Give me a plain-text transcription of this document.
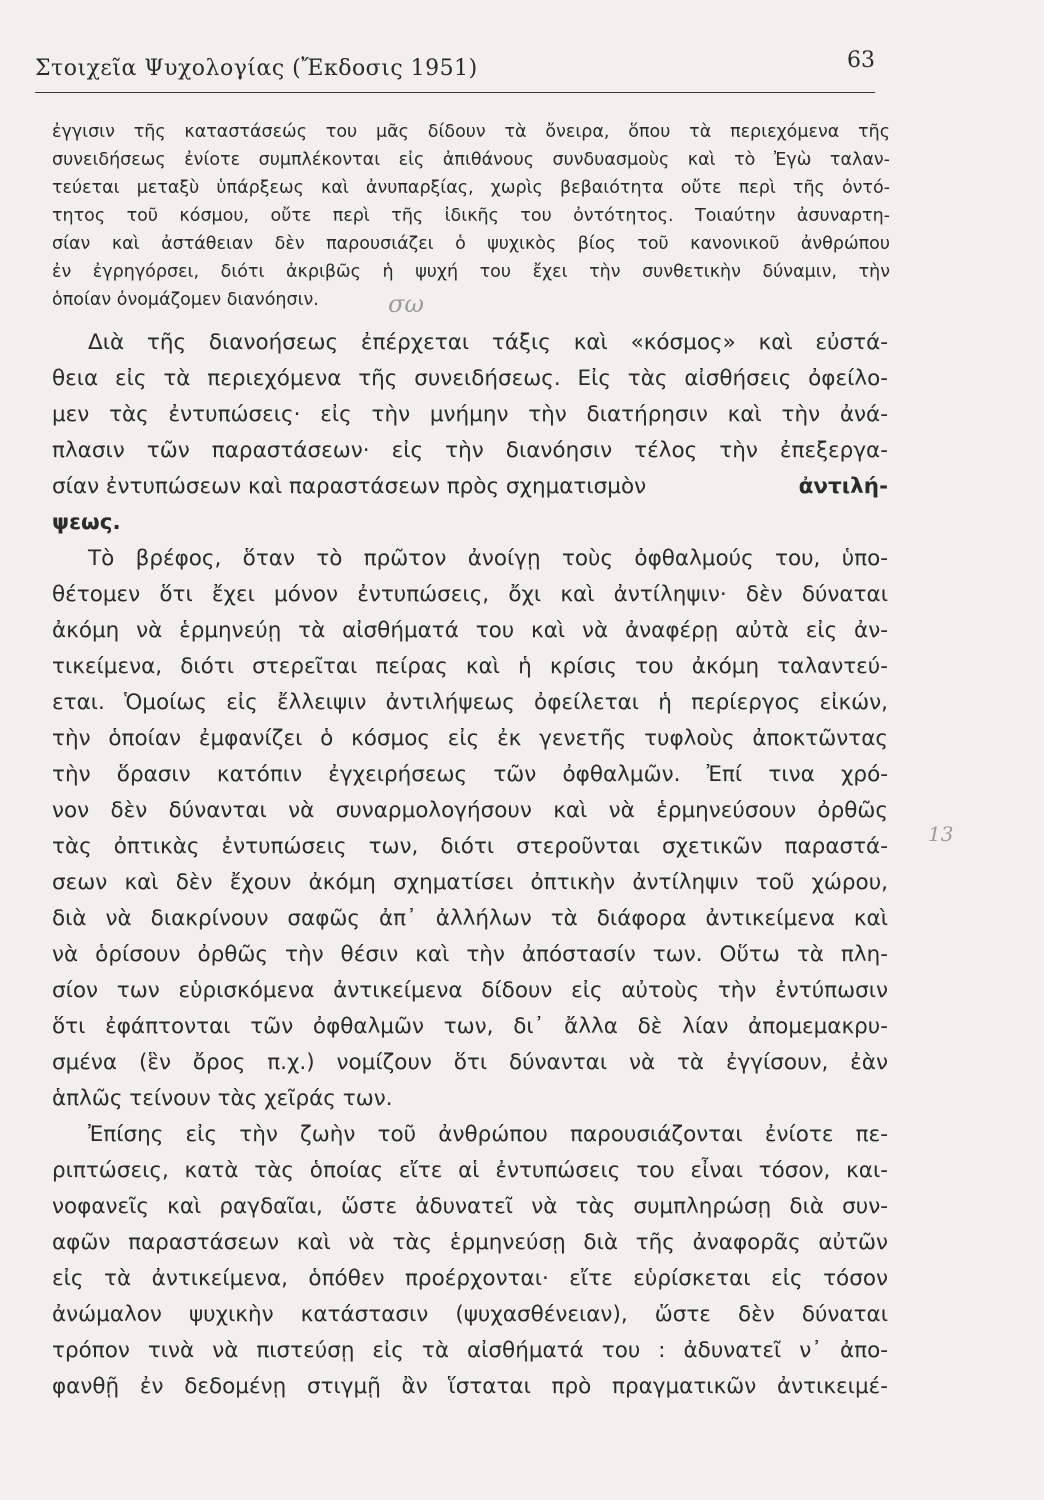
Στοιχεῖα Ψυχολογίας (Ἔκδοσις 1951)	63
ἐγγισιν τῆς καταστάσεώς του μᾶς δίδουν τὰ ὄνειρα, ὅπου τὰ περιεχόμενα τῆς
συνειδήσεως ἐνίοτε συμπλέκονται εἰς ἀπιθάνους συνδυασμοὺς καὶ τὸ Ἐγὼ ταλαν-
τεύεται μεταξὺ ὑπάρξεως καὶ ἀνυπαρξίας, χωρὶς βεβαιότητα οὔτε περὶ τῆς ὀντό-
τητος τοῦ κόσμου, οὔτε περὶ τῆς ἰδικῆς του ὀντότητος. Τοιαύτην ἀσυναρτη-
σίαν καὶ ἀστάθειαν δὲν παρουσιάζει ὁ ψυχικὸς βίος τοῦ κανονικοῦ ἀνθρώπου
ἐν ἐγρηγόρσει, διότι ἀκριβῶς ἡ ψυχή του ἔχει τὴν συνθετικὴν δύναμιν, τὴν
ὁποίαν ὀνομάζομεν διανόησιν.	σω
Διὰ τῆς διανοήσεως ἐπέρχεται τάξις καὶ «κόσμος» καὶ εὐστά-
θεια εἰς τὰ περιεχόμενα τῆς συνειδήσεως. Εἰς τὰς αἰσθήσεις ὀφείλο-
μεν τὰς ἐντυπώσεις· εἰς τὴν μνήμην τὴν διατήρησιν καὶ τὴν ἀνά-
πλασιν τῶν παραστάσεων· εἰς τὴν διανόησιν τέλος τὴν ἐπεξεργα-
σίαν ἐντυπώσεων καὶ παραστάσεων πρὸς σχηματισμὸν	ἀντιλή-
ψεως.
Τὸ βρέφος, ὅταν τὸ πρῶτον ἀνοίγῃ τοὺς ὀφθαλμούς του, ὑπο-
θέτομεν ὅτι ἔχει μόνον ἐντυπώσεις, ὄχι καὶ ἀντίληψιν· δὲν δύναται
ἀκόμη νὰ ἑρμηνεύῃ τὰ αἰσθήματά του καὶ νὰ ἀναφέρῃ αὐτὰ εἰς ἀν-
τικείμενα, διότι στερεῖται πείρας καὶ ἡ κρίσις του ἀκόμη ταλαντεύ-
εται. Ὁμοίως εἰς ἔλλειψιν ἀντιλήψεως ὀφείλεται ἡ περίεργος εἰκών,
τὴν ὁποίαν ἐμφανίζει ὁ κόσμος εἰς ἐκ γενετῆς τυφλοὺς ἀποκτῶντας
τὴν ὅρασιν κατόπιν ἐγχειρήσεως τῶν ὀφθαλμῶν. Ἐπί τινα χρό-
νον δὲν δύνανται νὰ συναρμολογήσουν καὶ νὰ ἑρμηνεύσουν ὀρθῶς
τὰς ὀπτικὰς ἐντυπώσεις των, διότι στεροῦνται σχετικῶν παραστά- 13
σεων καὶ δὲν ἔχουν ἀκόμη σχηματίσει ὀπτικὴν ἀντίληψιν τοῦ χώρου,
διὰ νὰ διακρίνουν σαφῶς ἀπ᾽ ἀλλήλων τὰ διάφορα ἀντικείμενα καὶ
νὰ ὁρίσουν ὀρθῶς τὴν θέσιν καὶ τὴν ἀπόστασίν των. Οὕτω τὰ πλη-
σίον των εὑρισκόμενα ἀντικείμενα δίδουν εἰς αὐτοὺς τὴν ἐντύπωσιν
ὅτι ἐφάπτονται τῶν ὀφθαλμῶν των, δι᾽ ἄλλα δὲ λίαν ἀπομεμακρυ-
σμένα (ἓν ὄρος π.χ.) νομίζουν ὅτι δύνανται νὰ τὰ ἐγγίσουν, ἐὰν
ἁπλῶς τείνουν τὰς χεῖράς των.
Ἐπίσης εἰς τὴν ζωὴν τοῦ ἀνθρώπου παρουσιάζονται ἐνίοτε πε-
ριπτώσεις, κατὰ τὰς ὁποίας εἴτε αἱ ἐντυπώσεις του εἶναι τόσον, και-
νοφανεῖς καὶ ραγδαῖαι, ὥστε ἀδυνατεῖ νὰ τὰς συμπληρώσῃ διὰ συν-
αφῶν παραστάσεων καὶ νὰ τὰς ἑρμηνεύσῃ διὰ τῆς ἀναφορᾶς αὐτῶν
εἰς τὰ ἀντικείμενα, ὁπόθεν προέρχονται· εἴτε εὑρίσκεται εἰς τόσον
ἀνώμαλον ψυχικὴν κατάστασιν (ψυχασθένειαν), ὥστε δὲν δύναται
τρόπον τινὰ νὰ πιστεύσῃ εἰς τὰ αἰσθήματά του : ἀδυνατεῖ ν᾽ ἀπο-
φανθῇ ἐν δεδομένῃ στιγμῇ ἂν ἵσταται πρὸ πραγματικῶν ἀντικειμέ-
